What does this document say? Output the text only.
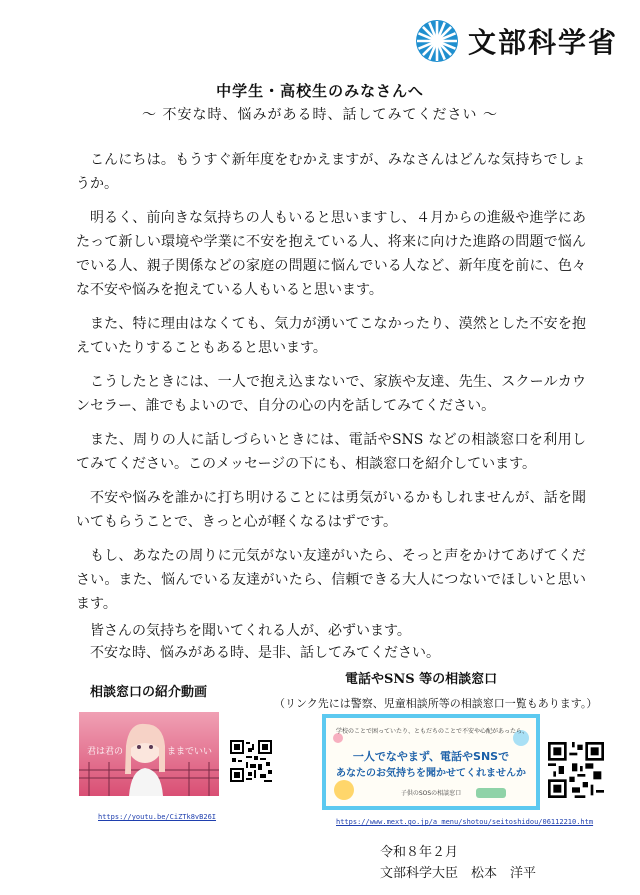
文部科学省
中学生・高校生のみなさんへ
〜 不安な時、悩みがある時、話してみてください 〜

こんにちは。もうすぐ新年度をむかえますが、みなさんはどんな気持ちでしょうか。

明るく、前向きな気持ちの人もいると思いますし、４月からの進級や進学にあたって新しい環境や学業に不安を抱えている人、将来に向けた進路の問題で悩んでいる人、親子関係などの家庭の問題に悩んでいる人など、新年度を前に、色々な不安や悩みを抱えている人もいると思います。

また、特に理由はなくても、気力が湧いてこなかったり、漠然とした不安を抱えていたりすることもあると思います。

こうしたときには、一人で抱え込まないで、家族や友達、先生、スクールカウンセラー、誰でもよいので、自分の心の内を話してみてください。

また、周りの人に話しづらいときには、電話やSNS などの相談窓口を利用してみてください。このメッセージの下にも、相談窓口を紹介しています。

不安や悩みを誰かに打ち明けることには勇気がいるかもしれませんが、話を聞いてもらうことで、きっと心が軽くなるはずです。

もし、あなたの周りに元気がない友達がいたら、そっと声をかけてあげてください。また、悩んでいる友達がいたら、信頼できる大人につないでほしいと思います。

皆さんの気持ちを聞いてくれる人が、必ずいます。
不安な時、悩みがある時、是非、話してみてください。
相談窓口の紹介動画
君は君の	ままでいい
https://youtu.be/CiZTk8vB26I
電話やSNS 等の相談窓口
（リンク先には警察、児童相談所等の相談窓口一覧もあります。）
学校のことで困っていたり、ともだちのことで不安や心配があったら、
一人でなやまず、電話やSNSで
あなたのお気持ちを聞かせてくれませんか
子供のSOSの相談窓口
https://www.mext.go.jp/a_menu/shotou/seitoshidou/06112210.htm
令和８年２月
文部科学大臣　松本　洋平
